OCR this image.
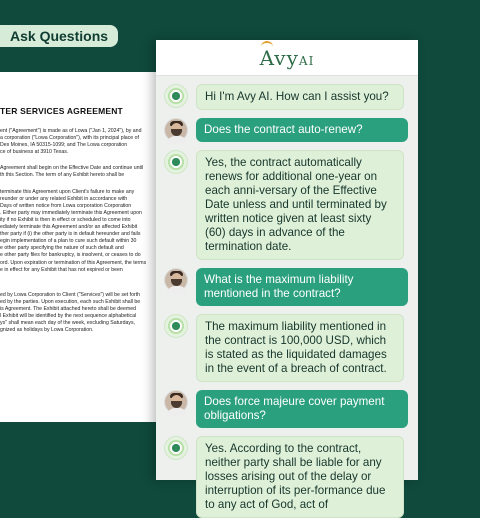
Ask Questions
TER SERVICES AGREEMENT

ent ("Agreement") is made as of Lowa ("Jan 1, 2024"), by and

a corporation ("Lowa Corporation"), with its principal place of

Des Moines, IA 50315-1099; and The Lowa corporation

ce of business at 3910 Texas.

Agreement shall begin on the Effective Date and continue until

th this Section. The term of any Exhibit hereto shall be

terminate this Agreement upon Client's failure to make any

reunder or under any related Exhibit in accordance with

Days of written notice from Lowa corporation Corporation

. Either party may immediately terminate this Agreement upon

ity if no Exhibit is then in effect or scheduled to come into

ediately terminate this Agreement and/or an affected Exhibit

ther party if (i) the other party is in default hereunder and fails

egin implementation of a plan to cure such default within 30

e other party specifying the nature of such default and

e other party files for bankruptcy, is insolvent, or ceases to do

ord. Upon expiration or termination of this Agreement, the terms

e in effect for any Exhibit that has not expired or been

ed by Lowa Corporation to Client ("Services") will be set forth

ed by the parties. Upon execution, each such Exhibit shall be

is Agreement. The Exhibit attached hereto shall be deemed

l Exhibit will be identified by the next sequence alphabetical

ys" shall mean each day of the week, excluding Saturdays,

gnized as holidays by Lowa Corporation.

AvyAI
Hi I'm Avy AI. How can I assist you?
Does the contract auto-renew?
Yes, the contract automatically renews for additional one-year on each anni-versary of the Effective Date unless and until terminated by written notice given at least sixty (60) days in advance of the termination date.
What is the maximum liability mentioned in the contract?
The maximum liability mentioned in the contract is 100,000 USD, which is stated as the liquidated damages in the event of a breach of contract.
Does force majeure cover payment obligations?
Yes. According to the contract, neither party shall be liable for any losses arising out of the delay or interruption of its per-formance due to any act of God, act of
